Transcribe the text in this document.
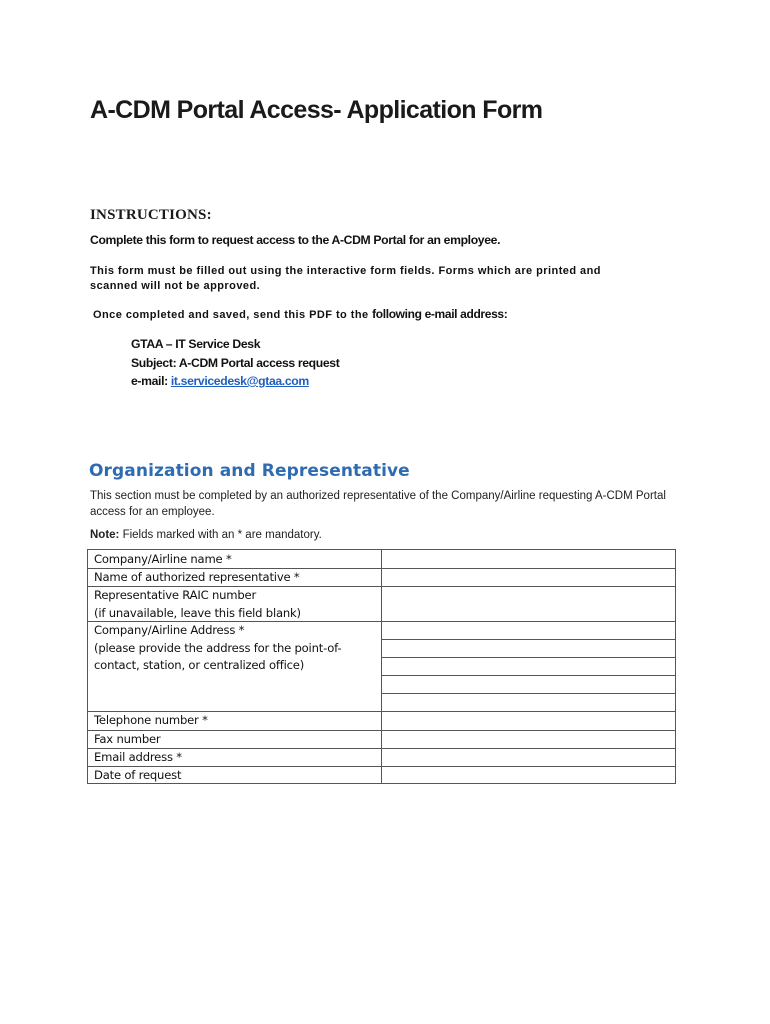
A-CDM Portal Access- Application Form
INSTRUCTIONS:
Complete this form to request access to the A-CDM Portal for an employee.
This form must be filled out using the interactive form fields. Forms which are printed and scanned will not be approved.
Once completed and saved, send this PDF to the following e-mail address:
GTAA – IT Service Desk
Subject: A-CDM Portal access request
e-mail: it.servicedesk@gtaa.com
Organization and Representative

This section must be completed by an authorized representative of the Company/Airline requesting A-CDM Portal access for an employee.

Note: Fields marked with an * are mandatory.
Company/Airline name *
Name of authorized representative *
Representative RAIC number
(if unavailable, leave this field blank)
Company/Airline Address *
(please provide the address for the point-of-
contact, station, or centralized office)
Telephone number *
Fax number
Email address *
Date of request
